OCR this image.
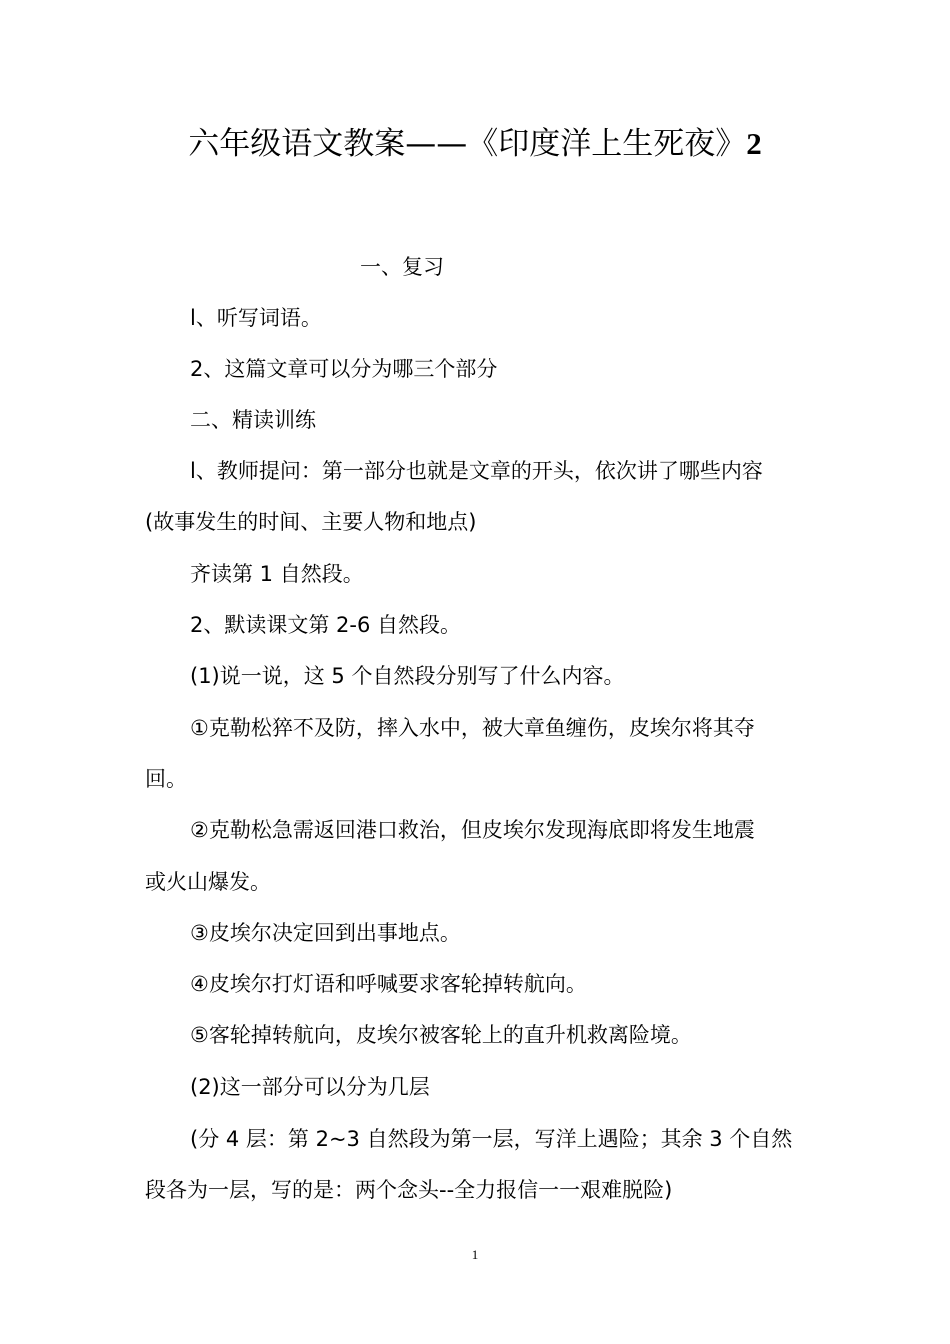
六年级语文教案——《印度洋上生死夜》2
一、复习
l、听写词语。
2、这篇文章可以分为哪三个部分
二、精读训练
l、教师提问：第一部分也就是文章的开头，依次讲了哪些内容
(故事发生的时间、主要人物和地点)
齐读第 1 自然段。
2、默读课文第 2-6 自然段。
(1)说一说，这 5 个自然段分别写了什么内容。
①克勒松猝不及防，摔入水中，被大章鱼缠伤，皮埃尔将其夺
回。
②克勒松急需返回港口救治，但皮埃尔发现海底即将发生地震
或火山爆发。
③皮埃尔决定回到出事地点。
④皮埃尔打灯语和呼喊要求客轮掉转航向。
⑤客轮掉转航向，皮埃尔被客轮上的直升机救离险境。
(2)这一部分可以分为几层
(分 4 层：第 2~3 自然段为第一层，写洋上遇险；其余 3 个自然
段各为一层，写的是：两个念头--全力报信一一艰难脱险)
1
